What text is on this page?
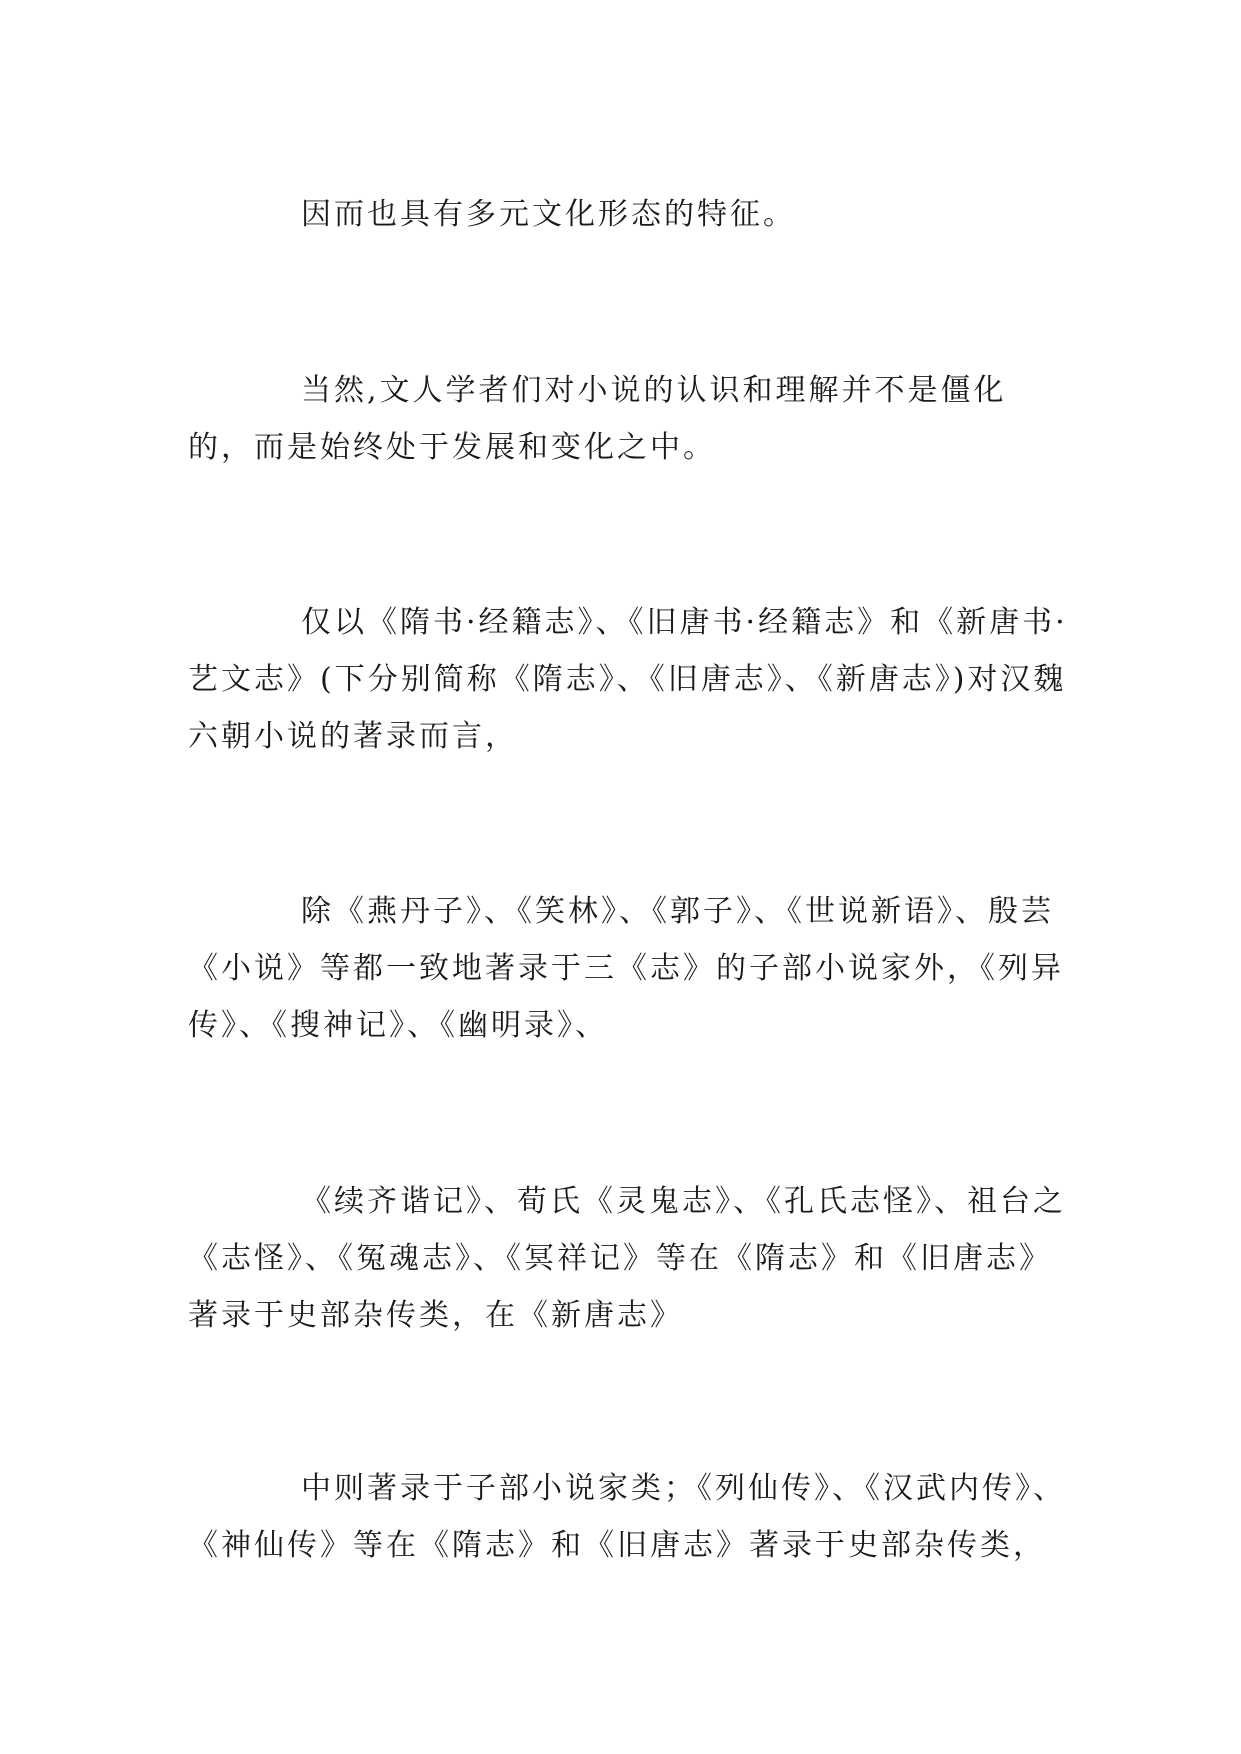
因而也具有多元文化形态的特征。

当然,文人学者们对小说的认识和理解并不是僵化的，而是始终处于发展和变化之中。

仅以《隋书·经籍志》、《旧唐书·经籍志》和《新唐书·艺文志》(下分别简称《隋志》、《旧唐志》、《新唐志》)对汉魏六朝小说的著录而言，

除《燕丹子》、《笑林》、《郭子》、《世说新语》、殷芸《小说》等都一致地著录于三《志》的子部小说家外，《列异传》、《搜神记》、《幽明录》、

《续齐谐记》、荀氏《灵鬼志》、《孔氏志怪》、祖台之《志怪》、《冤魂志》、《冥祥记》等在《隋志》和《旧唐志》著录于史部杂传类，在《新唐志》

中则著录于子部小说家类；《列仙传》、《汉武内传》、《神仙传》等在《隋志》和《旧唐志》著录于史部杂传类，
